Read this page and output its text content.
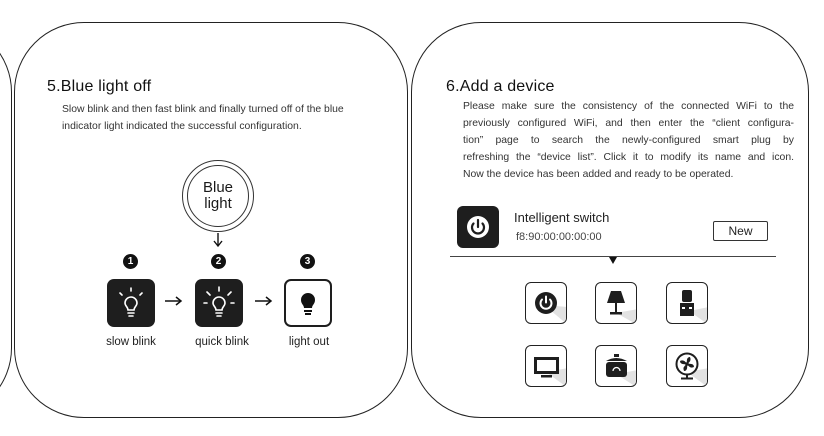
5.Blue light off
Slow blink and then fast blink and finally turned off of the blue indicator light indicated the successful configuration.
Blue
light
1	2	3
slow blink	quick blink	light out
6.Add a device
Please make sure the consistency of the connected WiFi to the
previously configured WiFi, and then enter the “client configura-
tion” page to search the newly-configured smart plug by
refreshing the “device list”. Click it to modify its name and icon.
Now the device has been added and ready to be operated.
Intelligent switch
f8:90:00:00:00:00	New
